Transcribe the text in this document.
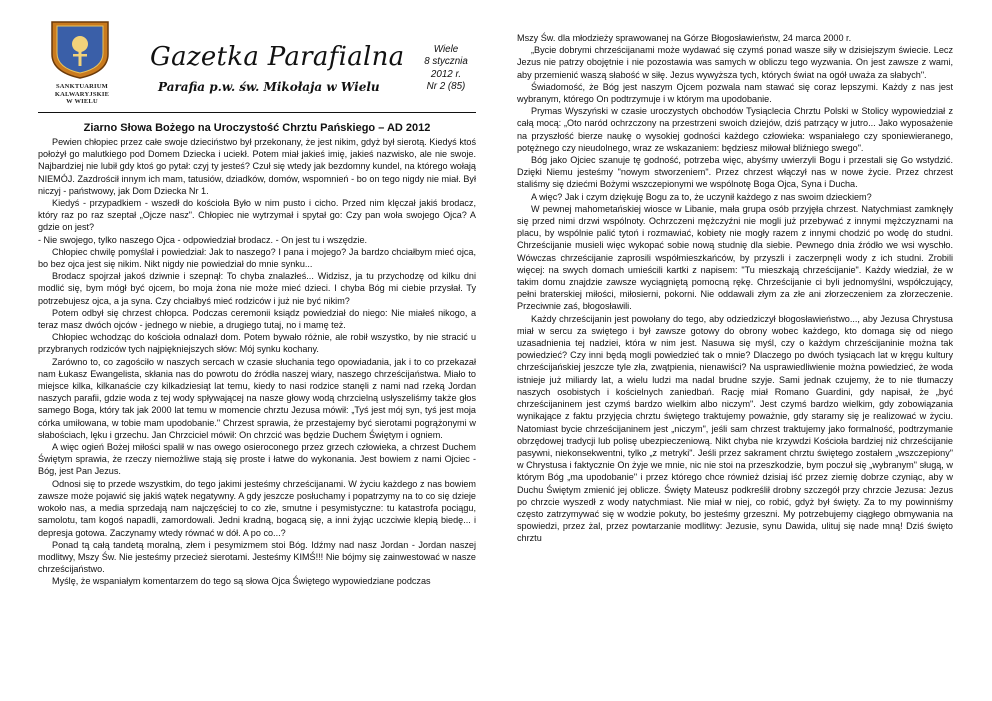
SANKTUARIUM
KALWARYJSKIE
W WIELU
Gazetka Parafialna
Parafia p.w. św. Mikołaja w Wielu
Wiele
8 stycznia
2012 r.
Nr 2 (85)
Ziarno Słowa Bożego na Uroczystość Chrztu Pańskiego – AD 2012

Pewien chłopiec przez całe swoje dzieciństwo był przekonany, że jest nikim, gdyż był sierotą. Kiedyś ktoś położył go malutkiego pod Domem Dziecka i uciekł. Potem miał jakieś imię, jakieś nazwisko, ale nie swoje. Najbardziej nie lubił gdy ktoś go pytał: czyj ty jesteś? Czuł się wtedy jak bezdomny kundel, na którego wołają NIEMÓJ. Zazdrościł innym ich mam, tatusiów, dziadków, domów, wspomnień - bo on tego nigdy nie miał. Był niczyj - państwowy, jak Dom Dziecka Nr 1.

Kiedyś - przypadkiem - wszedł do kościoła Było w nim pusto i cicho. Przed nim klęczał jakiś brodacz, który raz po raz szeptał „Ojcze nasz". Chłopiec nie wytrzymał i spytał go: Czy pan woła swojego Ojca? A gdzie on jest?

- Nie swojego, tylko naszego Ojca - odpowiedział brodacz. - On jest tu i wszędzie.

Chłopiec chwilę pomyślał i powiedział: Jak to naszego? I pana i mojego? Ja bardzo chciałbym mieć ojca, bo bez ojca jest się nikim. Nikt nigdy nie powiedział do mnie synku...

Brodacz spojrzał jakoś dziwnie i szepnął: To chyba znalazłeś... Widzisz, ja tu przychodzę od kilku dni modlić się, bym mógł być ojcem, bo moja żona nie może mieć dzieci. I chyba Bóg mi ciebie przysłał. Ty potrzebujesz ojca, a ja syna. Czy chciałbyś mieć rodziców i już nie być nikim?

Potem odbył się chrzest chłopca. Podczas ceremonii ksiądz powiedział do niego: Nie miałeś nikogo, a teraz masz dwóch ojców - jednego w niebie, a drugiego tutaj, no i mamę też.

Chłopiec wchodząc do kościoła odnalazł dom. Potem bywało różnie, ale robił wszystko, by nie stracić u przybranych rodziców tych najpiękniejszych słów: Mój synku kochany.

Zarówno to, co zagościło w naszych sercach w czasie słuchania tego opowiadania, jak i to co przekazał nam Łukasz Ewangelista, skłania nas do powrotu do źródła naszej wiary, naszego chrześcijaństwa. Miało to miejsce kilka, kilkanaście czy kilkadziesiąt lat temu, kiedy to nasi rodzice stanęli z nami nad rzeką Jordan naszych parafii, gdzie woda z tej wody spływającej na nasze głowy wodą chrzcielną usłyszeliśmy także głos samego Boga, który tak jak 2000 lat temu w momencie chrztu Jezusa mówił: „Tyś jest mój syn, tyś jest moja córka umiłowana, w tobie mam upodobanie." Chrzest sprawia, że przestajemy być sierotami pogrążonymi w słabościach, lęku i grzechu. Jan Chrzciciel mówił: On chrzcić was będzie Duchem Świętym i ogniem.

A więc ogień Bożej miłości spalił w nas owego osieroconego przez grzech człowieka, a chrzest Duchem Świętym sprawia, że rzeczy niemożliwe stają się proste i łatwe do wykonania. Jest bowiem z nami Ojciec - Bóg, jest Pan Jezus.

Odnosi się to przede wszystkim, do tego jakimi jesteśmy chrześcijanami. W życiu każdego z nas bowiem zawsze może pojawić się jakiś wątek negatywny. A gdy jeszcze posłuchamy i popatrzymy na to co się dzieje wokoło nas, a media sprzedają nam najczęściej to co złe, smutne i pesymistyczne: tu katastrofa pociągu, samolotu, tam kogoś napadli, zamordowali. Jedni kradną, bogacą się, a inni żyjąc uczciwie klepią biedę... i depresja gotowa. Zaczynamy wtedy równać w dół. A po co...?

Ponad tą całą tandetą moralną, złem i pesymizmem stoi Bóg. Idźmy nad nasz Jordan - Jordan naszej modlitwy, Mszy Św. Nie jesteśmy przecież sierotami. Jesteśmy KIMŚ!!! Nie bójmy się zainwestować w nasze chrześcijaństwo.

Myślę, że wspaniałym komentarzem do tego są słowa Ojca Świętego wypowiedziane podczas

Mszy Św. dla młodzieży sprawowanej na Górze Błogosławieństw, 24 marca 2000 r.

„Bycie dobrymi chrześcijanami może wydawać się czymś ponad wasze siły w dzisiejszym świecie. Lecz Jezus nie patrzy obojętnie i nie pozostawia was samych w obliczu tego wyzwania. On jest zawsze z wami, aby przemienić waszą słabość w siłę. Jezus wywyższa tych, których świat na ogół uważa za słabych".

Świadomość, że Bóg jest naszym Ojcem pozwala nam stawać się coraz lepszymi. Każdy z nas jest wybranym, którego On podtrzymuje i w którym ma upodobanie.

Prymas Wyszyński w czasie uroczystych obchodów Tysiąclecia Chrztu Polski w Stolicy wypowiedział z całą mocą: „Oto naród ochrzczony na przestrzeni swoich dziejów, dziś patrzący w jutro... Jako wyposażenie na przyszłość bierze naukę o wysokiej godności każdego człowieka: wspaniałego czy sponiewieranego, potężnego czy nieudolnego, wraz ze wskazaniem: będziesz miłował bliźniego swego".

Bóg jako Ojciec szanuje tę godność, potrzeba więc, abyśmy uwierzyli Bogu i przestali się Go wstydzić. Dzięki Niemu jesteśmy "nowym stworzeniem". Przez chrzest włączył nas w nowe życie. Przez chrzest staliśmy się dziećmi Bożymi wszczepionymi we wspólnotę Boga Ojca, Syna i Ducha.

A więc? Jak i czym dziękuję Bogu za to, że uczynił każdego z nas swoim dzieckiem?

W pewnej mahometańskiej wiosce w Libanie, mała grupa osób przyjęła chrzest. Natychmiast zamknęły się przed nimi drzwi wspólnoty. Ochrzczeni mężczyźni nie mogli już przebywać z innymi mężczyznami na placu, by wspólnie palić tytoń i rozmawiać, kobiety nie mogły razem z innymi chodzić po wodę do studni. Chrześcijanie musieli więc wykopać sobie nową studnię dla siebie. Pewnego dnia źródło we wsi wyschło. Wówczas chrześcijanie zaprosili współmieszkańców, by przyszli i zaczerpnęli wody z ich studni. Zrobili więcej: na swych domach umieścili kartki z napisem: "Tu mieszkają chrześcijanie". Każdy wiedział, że w takim domu znajdzie zawsze wyciągniętą pomocną rękę. Chrześcijanie ci byli jednomyślni, współczujący, pełni braterskiej miłości, miłosierni, pokorni. Nie oddawali złym za złe ani złorzeczeniem za złorzeczenie. Przeciwnie zaś, błogosławili.

Każdy chrześcijanin jest powołany do tego, aby odziedziczył błogosławieństwo..., aby Jezusa Chrystusa miał w sercu za swiętego i był zawsze gotowy do obrony wobec każdego, kto domaga się od niego uzasadnienia tej nadziei, która w nim jest. Nasuwa się myśl, czy o każdym chrześcijaninie można tak powiedzieć? Czy inni będą mogli powiedzieć tak o mnie? Dlaczego po dwóch tysiącach lat w kręgu kultury chrześcijańskiej jeszcze tyle zła, zwątpienia, nienawiści? Na usprawiedliwienie można powiedzieć, że woda istnieje już miliardy lat, a wielu ludzi ma nadal brudne szyje. Sami jednak czujemy, że to nie tłumaczy naszych osobistych i kościelnych zaniedbań. Rację miał Romano Guardini, gdy napisał, że „być chrześcijaninem jest czymś bardzo wielkim albo niczym". Jest czymś bardzo wielkim, gdy zobowiązania wynikające z faktu przyjęcia chrztu świętego traktujemy poważnie, gdy staramy się je realizować w życiu. Natomiast bycie chrześcijaninem jest „niczym", jeśli sam chrzest traktujemy jako formalność, podtrzymanie obrzędowej tradycji lub polisę ubezpieczeniową. Nikt chyba nie krzywdzi Kościoła bardziej niż chrześcijanie pasywni, niekonsekwentni, tylko „z metryki". Jeśli przez sakrament chrztu świętego zostałem „wszczepiony" w Chrystusa i faktycznie On żyje we mnie, nic nie stoi na przeszkodzie, bym poczuł się „wybranym" sługą, w którym Bóg „ma upodobanie" i przez którego chce również dzisiaj iść przez ziemię dobrze czyniąc, aby w Duchu Świętym zmienić jej oblicze. Święty Mateusz podkreślił drobny szczegół przy chrzcie Jezusa: Jezus po chrzcie wyszedł z wody natychmiast. Nie miał w niej, co robić, gdyż był święty. Za to my powinniśmy często zatrzymywać się w wodzie pokuty, bo jesteśmy grzeszni. My potrzebujemy ciągłego obmywania na spowiedzi, przez żal, przez powtarzanie modlitwy: Jezusie, synu Dawida, ulituj się nade mną! Dziś święto chrztu
